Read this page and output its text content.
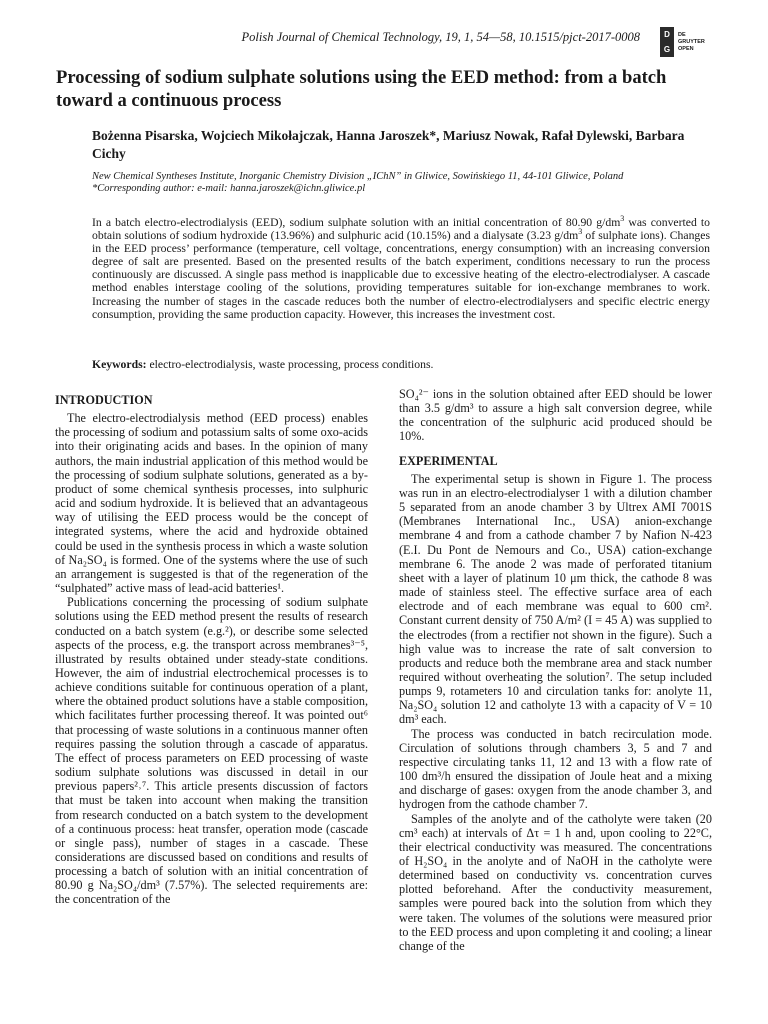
Polish Journal of Chemical Technology, 19, 1, 54—58, 10.1515/pjct-2017-0008	D
G
DE GRUYTER OPEN
Processing of sodium sulphate solutions using the EED method: from a batch toward a continuous process
Bożenna Pisarska, Wojciech Mikołajczak, Hanna Jaroszek*, Mariusz Nowak, Rafał Dylewski, Barbara Cichy
New Chemical Syntheses Institute, Inorganic Chemistry Division „IChN” in Gliwice, Sowińskiego 11, 44-101 Gliwice, Poland
*Corresponding author: e-mail: hanna.jaroszek@ichn.gliwice.pl
In a batch electro-electrodialysis (EED), sodium sulphate solution with an initial concentration of 80.90 $g/dm^3$ was converted to obtain solutions of sodium hydroxide (13.96%) and sulphuric acid (10.15%) and a dialysate (3.23 $g/dm^3$ of sulphate ions). Changes in the EED process’ performance (temperature, cell voltage, concentrations, energy consumption) with an increasing conversion degree of salt are presented. Based on the presented results of the batch experiment, conditions necessary to run the process continuously are discussed. A single pass method is inapplicable due to excessive heating of the electro-electrodialyser. A cascade method enables interstage cooling of the solutions, providing temperatures suitable for ion-exchange membranes to work. Increasing the number of stages in the cascade reduces both the number of electro-electrodialysers and specific electric energy consumption, providing the same production capacity. However, this increases the investment cost.
Keywords: electro-electrodialysis, waste processing, process conditions.
INTRODUCTION

The electro-electrodialysis method (EED process) enables the processing of sodium and potassium salts of some oxo-acids into their originating acids and bases. In the opinion of many authors, the main industrial application of this method would be the processing of sodium sulphate solutions, generated as a by-product of some chemical synthesis processes, into sulphuric acid and sodium hydroxide. It is believed that an advantageous way of utilising the EED process would be the concept of integrated systems, where the acid and hydroxide obtained could be used in the synthesis process in which a waste solution of Na₂SO₄ is formed. One of the systems where the use of such an arrangement is suggested is that of the regeneration of the “sulphated” active mass of lead-acid batteries¹.

Publications concerning the processing of sodium sulphate solutions using the EED method present the results of research conducted on a batch system (e.g.²), or describe some selected aspects of the process, e.g. the transport across membranes³⁻⁵, illustrated by results obtained under steady-state conditions. However, the aim of industrial electrochemical processes is to achieve conditions suitable for continuous operation of a plant, where the obtained product solutions have a stable composition, which facilitates further processing thereof. It was pointed out⁶ that processing of waste solutions in a continuous manner often requires passing the solution through a cascade of apparatus. The effect of process parameters on EED processing of waste sodium sulphate solutions was discussed in detail in our previous papers²˒⁷. This article presents discussion of factors that must be taken into account when making the transition from research conducted on a batch system to the development of a continuous process: heat transfer, operation mode (cascade or single pass), number of stages in a cascade. These considerations are discussed based on conditions and results of processing a batch of solution with an initial concentration of 80.90 g Na₂SO₄/dm³ (7.57%). The selected requirements are: the concentration of the

SO₄²⁻ ions in the solution obtained after EED should be lower than 3.5 g/dm³ to assure a high salt conversion degree, while the concentration of the sulphuric acid produced should be 10%.

EXPERIMENTAL

The experimental setup is shown in Figure 1. The process was run in an electro-electrodialyser 1 with a dilution chamber 5 separated from an anode chamber 3 by Ultrex AMI 7001S (Membranes International Inc., USA) anion-exchange membrane 4 and from a cathode chamber 7 by Nafion N-423 (E.I. Du Pont de Nemours and Co., USA) cation-exchange membrane 6. The anode 2 was made of perforated titanium sheet with a layer of platinum 10 μm thick, the cathode 8 was made of stainless steel. The effective surface area of each electrode and of each membrane was equal to 600 cm². Constant current density of 750 A/m² (I = 45 A) was supplied to the electrodes (from a rectifier not shown in the figure). Such a high value was to increase the rate of salt conversion to products and reduce both the membrane area and stack number required without overheating the solution⁷. The setup included pumps 9, rotameters 10 and circulation tanks for: anolyte 11, Na₂SO₄ solution 12 and catholyte 13 with a capacity of V = 10 dm³ each.

The process was conducted in batch recirculation mode. Circulation of solutions through chambers 3, 5 and 7 and respective circulating tanks 11, 12 and 13 with a flow rate of 100 dm³/h ensured the dissipation of Joule heat and a mixing and discharge of gases: oxygen from the anode chamber 3, and hydrogen from the cathode chamber 7.

Samples of the anolyte and of the catholyte were taken (20 cm³ each) at intervals of Δτ = 1 h and, upon cooling to 22°C, their electrical conductivity was measured. The concentrations of H₂SO₄ in the anolyte and of NaOH in the catholyte were determined based on conductivity vs. concentration curves plotted beforehand. After the conductivity measurement, samples were poured back into the solution from which they were taken. The volumes of the solutions were measured prior to the EED process and upon completing it and cooling; a linear change of the
